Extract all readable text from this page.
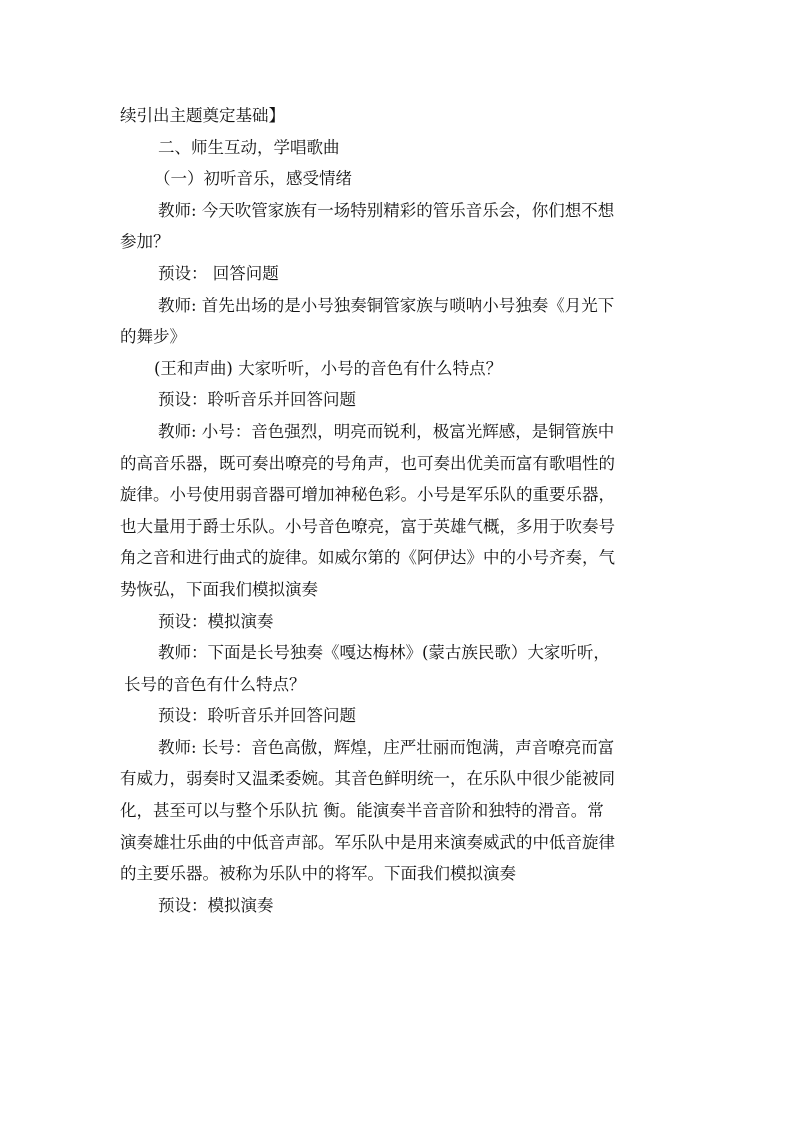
续引出主题奠定基础】
二、师生互动，学唱歌曲
（一）初听音乐，感受情绪
教师: 今天吹管家族有一场特别精彩的管乐音乐会，你们想不想
参加？
预设： 回答问题
教师: 首先出场的是小号独奏铜管家族与唢呐小号独奏《月光下
的舞步》
(王和声曲) 大家听听，小号的音色有什么特点？
预设：聆听音乐并回答问题
教师: 小号：音色强烈，明亮而锐利，极富光辉感，是铜管族中
的高音乐器，既可奏出嘹亮的号角声，也可奏出优美而富有歌唱性的
旋律。小号使用弱音器可增加神秘色彩。小号是军乐队的重要乐器，
也大量用于爵士乐队。小号音色嘹亮，富于英雄气概，多用于吹奏号
角之音和进行曲式的旋律。如威尔第的《阿伊达》中的小号齐奏，气
势恢弘，下面我们模拟演奏
预设：模拟演奏
教师：下面是长号独奏《嘎达梅林》(蒙古族民歌）大家听听，
长号的音色有什么特点？
预设：聆听音乐并回答问题
教师: 长号：音色高傲，辉煌，庄严壮丽而饱满，声音嘹亮而富
有威力，弱奏时又温柔委婉。其音色鲜明统一，在乐队中很少能被同
化，甚至可以与整个乐队抗 衡。能演奏半音音阶和独特的滑音。常
演奏雄壮乐曲的中低音声部。军乐队中是用来演奏威武的中低音旋律
的主要乐器。被称为乐队中的将军。下面我们模拟演奏
预设：模拟演奏
